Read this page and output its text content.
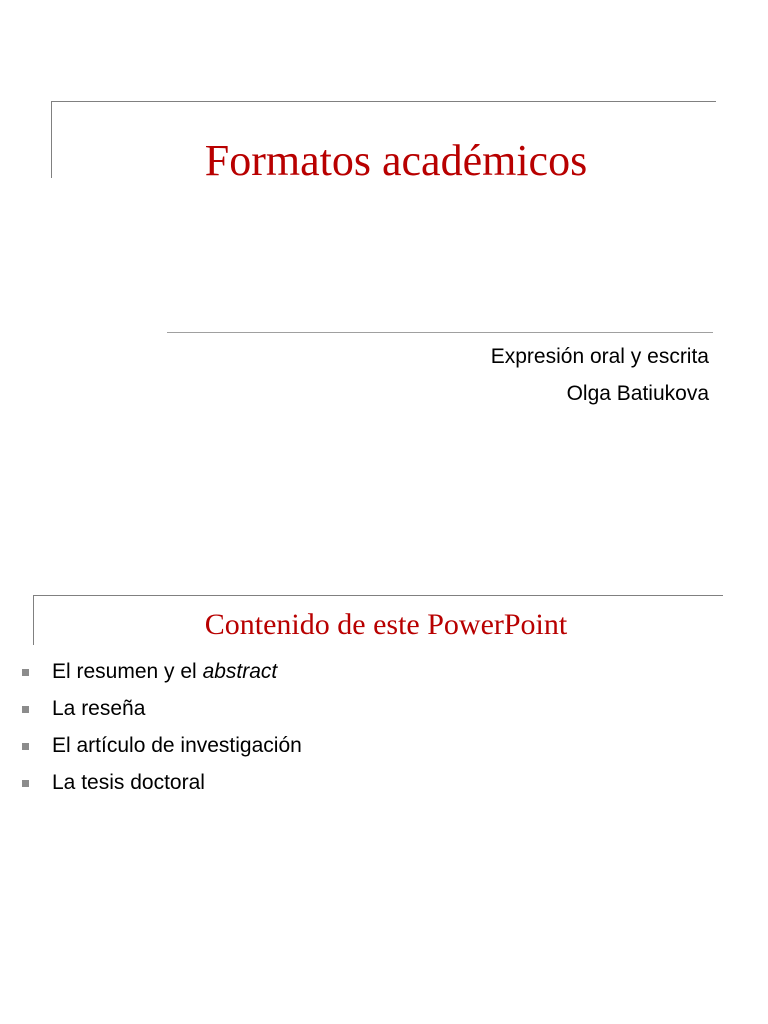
Formatos académicos
Expresión oral y escrita
Olga Batiukova
Contenido de este PowerPoint
El resumen y el abstract
La reseña
El artículo de investigación
La tesis doctoral
